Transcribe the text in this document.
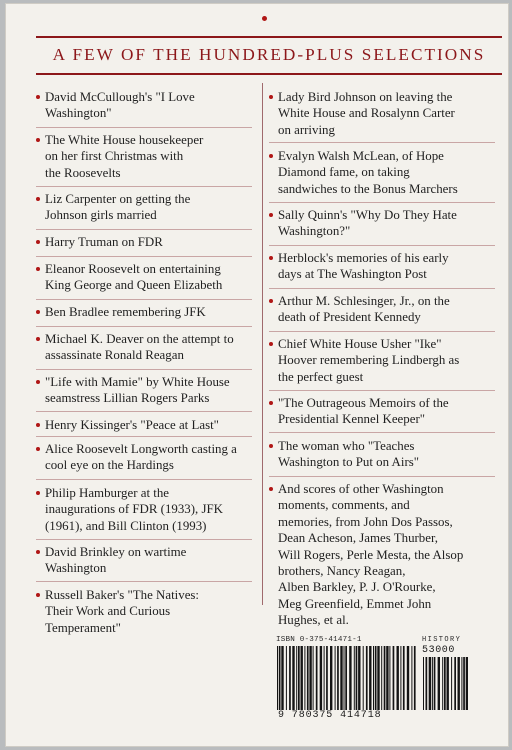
A FEW OF THE HUNDRED-PLUS SELECTIONS
David McCullough's "I Love
Washington"
The White House housekeeper
on her first Christmas with
the Roosevelts
Liz Carpenter on getting the
Johnson girls married
Harry Truman on FDR
Eleanor Roosevelt on entertaining
King George and Queen Elizabeth
Ben Bradlee remembering JFK
Michael K. Deaver on the attempt to
assassinate Ronald Reagan
"Life with Mamie" by White House
seamstress Lillian Rogers Parks
Henry Kissinger's "Peace at Last"
Alice Roosevelt Longworth casting a
cool eye on the Hardings
Philip Hamburger at the
inaugurations of FDR (1933), JFK
(1961), and Bill Clinton (1993)
David Brinkley on wartime
Washington
Russell Baker's "The Natives:
Their Work and Curious
Temperament"
Lady Bird Johnson on leaving the
White House and Rosalynn Carter
on arriving
Evalyn Walsh McLean, of Hope
Diamond fame, on taking
sandwiches to the Bonus Marchers
Sally Quinn's "Why Do They Hate
Washington?"
Herblock's memories of his early
days at The Washington Post
Arthur M. Schlesinger, Jr., on the
death of President Kennedy
Chief White House Usher "Ike"
Hoover remembering Lindbergh as
the perfect guest
"The Outrageous Memoirs of the
Presidential Kennel Keeper"
The woman who "Teaches
Washington to Put on Airs"
And scores of other Washington
moments, comments, and
memories, from John Dos Passos,
Dean Acheson, James Thurber,
Will Rogers, Perle Mesta, the Alsop
brothers, Nancy Reagan,
Alben Barkley, P. J. O'Rourke,
Meg Greenfield, Emmet John
Hughes, et al.
ISBN 0-375-41471-1	HISTORY
53000
9 780375 414718
